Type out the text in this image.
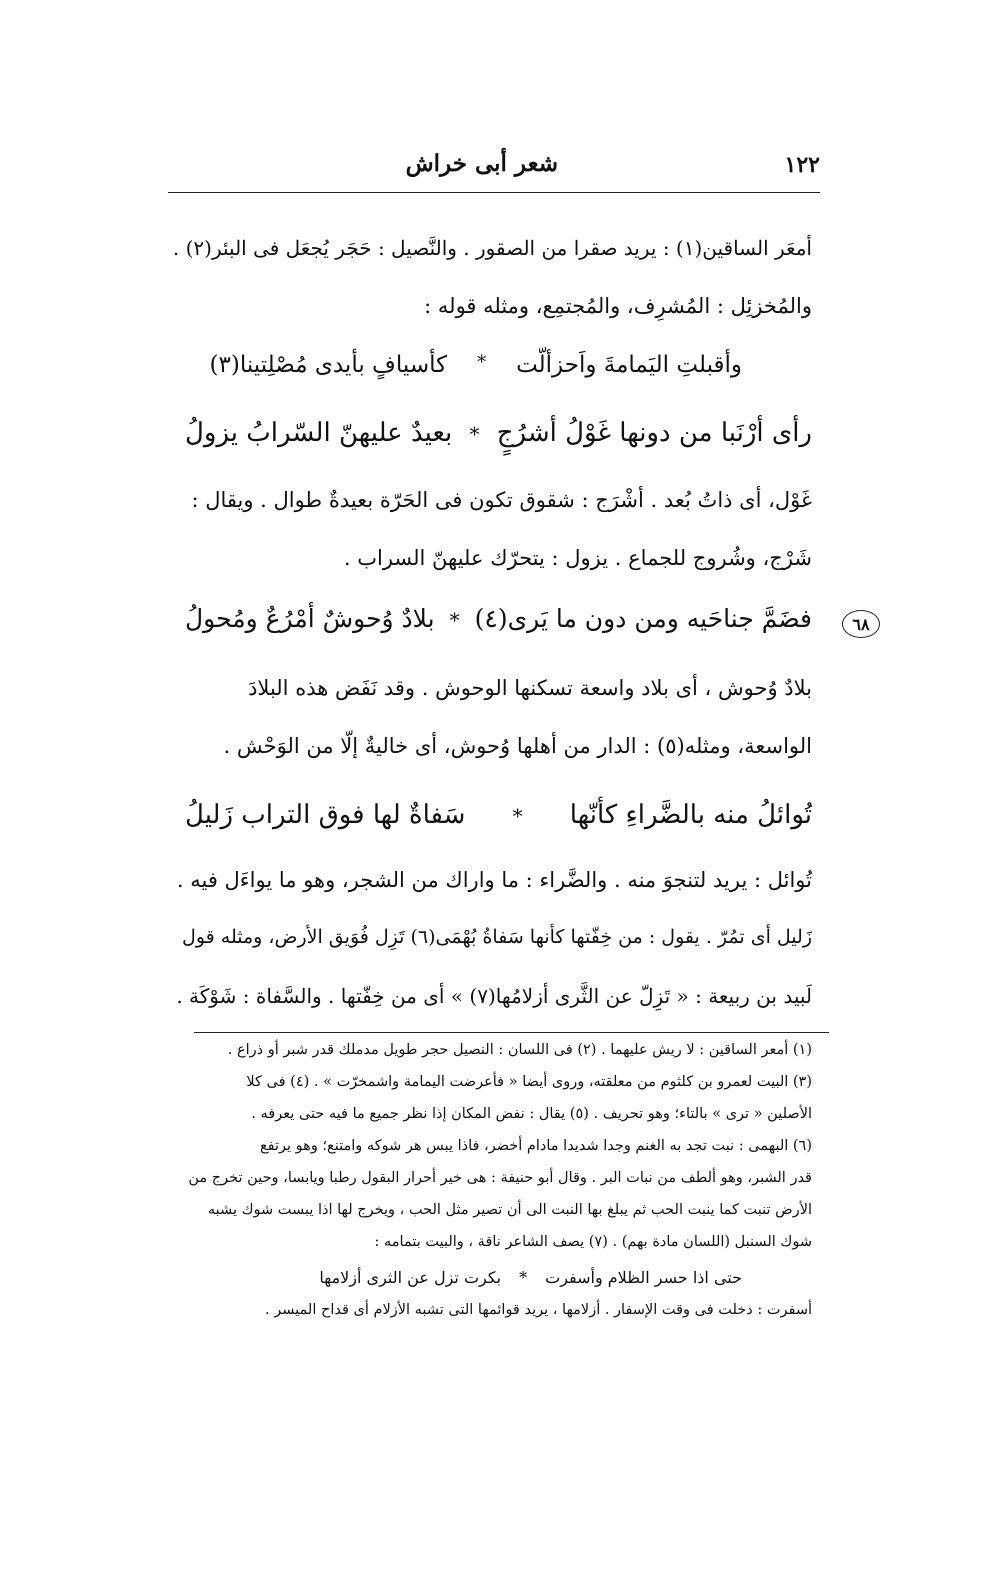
١٢٢
شعر أبى خراش
٦٨
أمعَر الساقين(١) : يريد صقرا من الصقور . والنَّصيل : حَجَر يُجعَل فى البئر(٢) .
والمُخزئِل : المُشرِف، والمُجتمِع، ومثله قوله :
وأقبلتِ اليَمامةَ واَحزألّت
*
كأسيافٍ بأيدى مُصْلِتينا(٣)
رأى أرْنَبا من دونها غَوْلُ أشرُجٍ
*
بعيدٌ عليهنّ السّرابُ يزولُ
غَوْل، أى ذاتُ بُعد . أشْرَج : شقوق تكون فى الحَرّة بعيدةٌ طوال . ويقال :
شَرْج، وشُروج للجماع . يزول : يتحرّك عليهنّ السراب .
فضَمَّ جناحَيه ومن دون ما يَرى(٤)
*
بلادٌ وُحوشٌ أمْرُعٌ ومُحولُ
بلادٌ وُحوش ، أى بلاد واسعة تسكنها الوحوش . وقد نَفَض هذه البلادَ
الواسعة، ومثله(٥) : الدار من أهلها وُحوش، أى خاليةٌ إلّا من الوَحْش .
تُوائلُ منه بالضَّراءِ كأنّها
*
سَفاةٌ لها فوق التراب زَليلُ
تُوائل : يريد لتنجوَ منه . والضَّراء : ما واراك من الشجر، وهو ما يواءَل فيه .
زَليل أى تمُرّ . يقول : من خِفّتها كأنها سَفاةُ بُهْمَى(٦) تَزِل فُوَيق الأرض، ومثله قول
لَبيد بن ربيعة : « تَزِلّ عن الثَّرى أزلامُها(٧) » أى من خِفّتها . والسَّفاة : شَوْكَة .
(١) أمعر الساقين : لا ريش عليهما . (٢) فى اللسان : النصيل حجر طويل مدملك قدر شبر أو ذراع .
(٣) البيت لعمرو بن كلثوم من معلقته، وروى أيضا « فأعرضت اليمامة واشمخرّت » . (٤) فى كلا
الأصلين « ترى » بالتاء؛ وهو تحريف . (٥) يقال : نفض المكان إذا نظر جميع ما فيه حتى يعرفه .
(٦) البهمى : نبت تجد به الغنم وجدا شديدا مادام أخضر، فاذا يبس هر شوكه وامتنع؛ وهو يرتفع
قدر الشبر، وهو ألطف من نبات البر . وقال أبو حنيفة : هى خير أحرار البقول رطبا ويابسا، وحين تخرج من
الأرض تنبت كما ينبت الحب ثم يبلغ بها النبت الى أن تصير مثل الحب ، ويخرج لها اذا يبست شوك يشبه
شوك السنبل (اللسان مادة بهم) . (٧) يصف الشاعر ناقة ، والبيت بتمامه :
حتى اذا حسر الظلام وأسفرت
*
بكرت تزل عن الثرى أزلامها
أسفرت : دخلت فى وقت الإسفار . أزلامها ، يريد قوائمها التى تشبه الأزلام أى قداح الميسر .
